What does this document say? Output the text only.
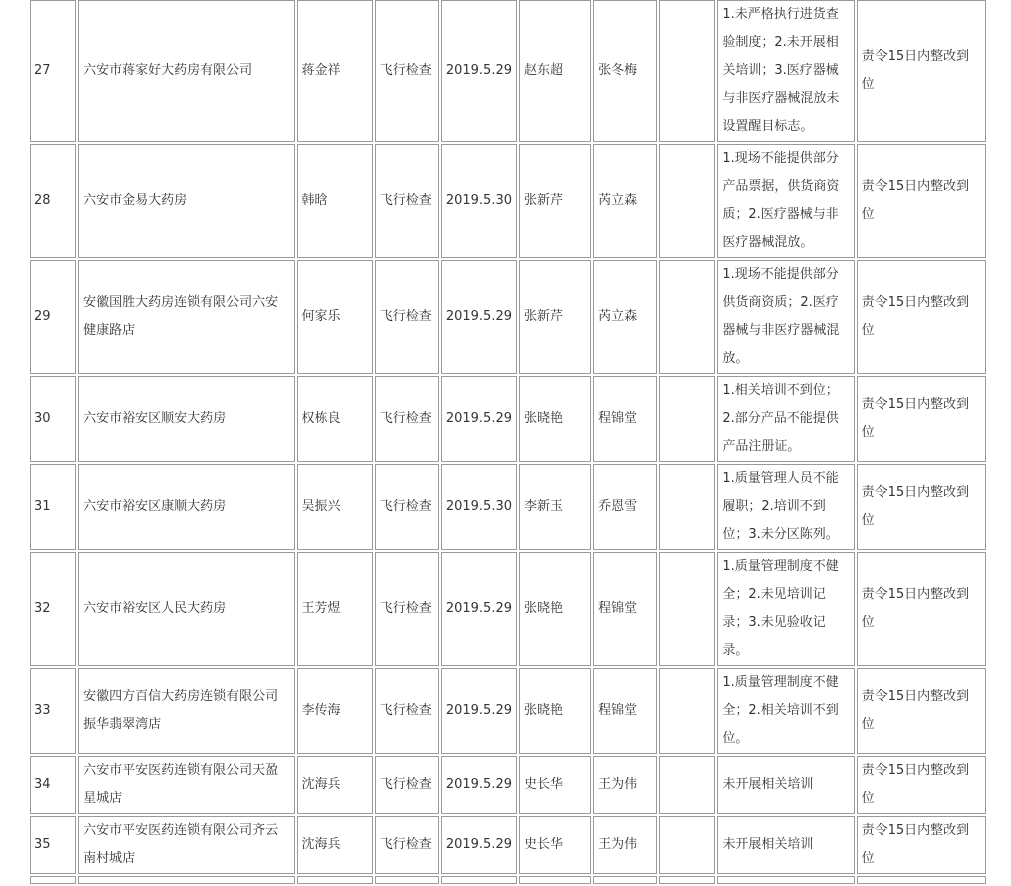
27	六安市蒋家好大药房有限公司	蒋金祥	飞行检查	2019.5.29	赵东超	张冬梅		1.未严格执行进货查验制度；2.未开展相关培训；3.医疗器械与非医疗器械混放未设置醒目标志。	责令15日内整改到位
28	六安市金易大药房	韩晗	飞行检查	2019.5.30	张新芹	芮立森		1.现场不能提供部分产品票据，供货商资质；2.医疗器械与非医疗器械混放。	责令15日内整改到位
29	安徽国胜大药房连锁有限公司六安健康路店	何家乐	飞行检查	2019.5.29	张新芹	芮立森		1.现场不能提供部分供货商资质；2.医疗器械与非医疗器械混放。	责令15日内整改到位
30	六安市裕安区顺安大药房	权栋良	飞行检查	2019.5.29	张晓艳	程锦堂		1.相关培训不到位；2.部分产品不能提供产品注册证。	责令15日内整改到位
31	六安市裕安区康顺大药房	吴振兴	飞行检查	2019.5.30	李新玉	乔恩雪		1.质量管理人员不能履职；2.培训不到位；3.未分区陈列。	责令15日内整改到位
32	六安市裕安区人民大药房	王芳煜	飞行检查	2019.5.29	张晓艳	程锦堂		1.质量管理制度不健全；2.未见培训记录；3.未见验收记录。	责令15日内整改到位
33	安徽四方百信大药房连锁有限公司振华翡翠湾店	李传海	飞行检查	2019.5.29	张晓艳	程锦堂		1.质量管理制度不健全；2.相关培训不到位。	责令15日内整改到位
34	六安市平安医药连锁有限公司天盈星城店	沈海兵	飞行检查	2019.5.29	史长华	王为伟		未开展相关培训	责令15日内整改到位
35	六安市平安医药连锁有限公司齐云南村城店	沈海兵	飞行检查	2019.5.29	史长华	王为伟		未开展相关培训	责令15日内整改到位
